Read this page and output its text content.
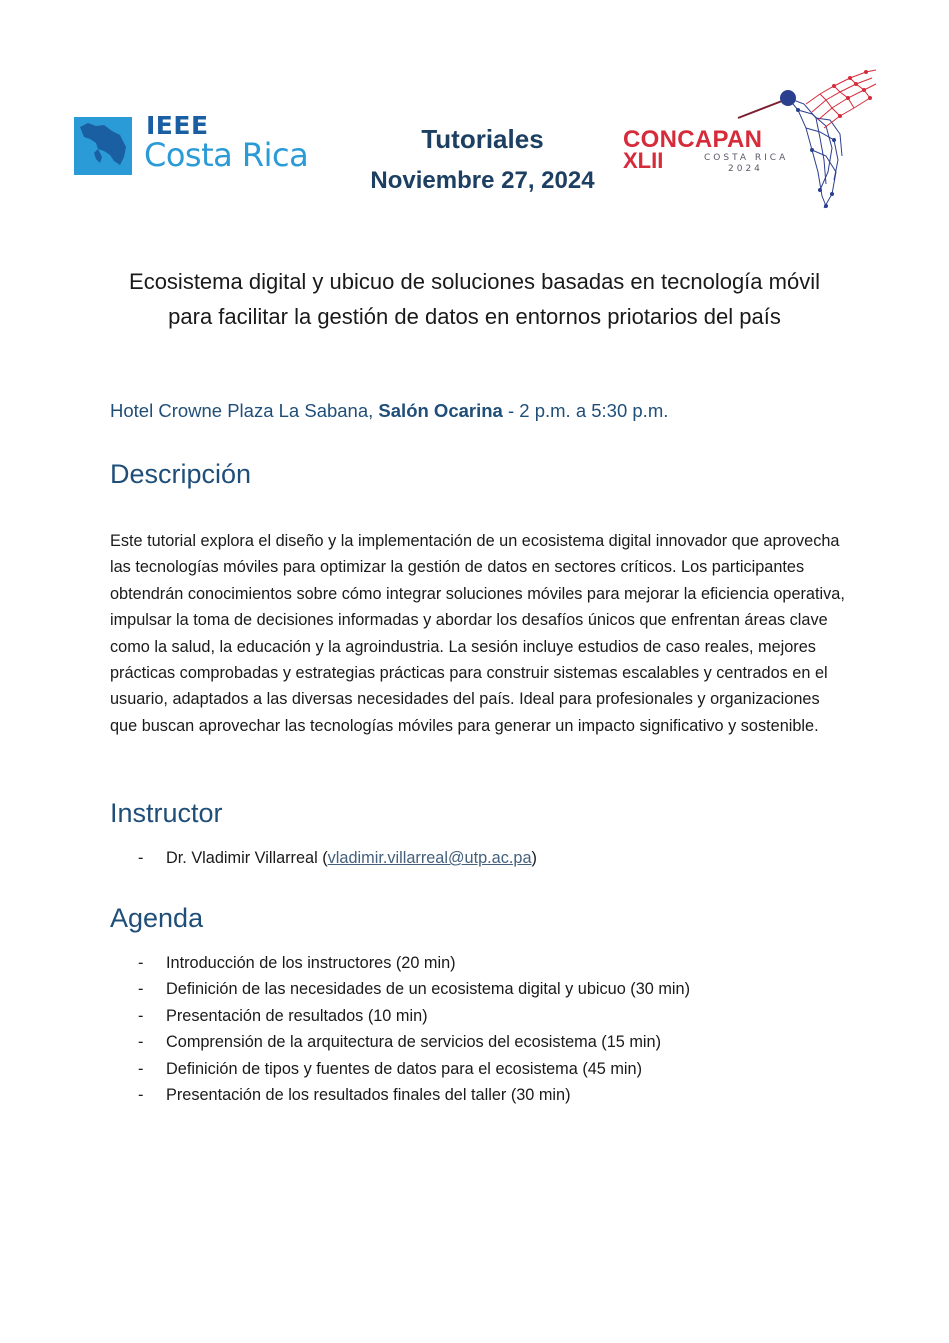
IEEE
Costa Rica	Tutoriales
Noviembre 27, 2024
CONCAPAN
XLII	COSTA RICA
2024
Ecosistema digital y ubicuo de soluciones basadas en tecnología móvil para facilitar la gestión de datos en entornos priotarios del país
Hotel Crowne Plaza La Sabana, Salón Ocarina - 2 p.m. a 5:30 p.m.
Descripción

Este tutorial explora el diseño y la implementación de un ecosistema digital innovador que aprovecha las tecnologías móviles para optimizar la gestión de datos en sectores críticos. Los participantes obtendrán conocimientos sobre cómo integrar soluciones móviles para mejorar la eficiencia operativa, impulsar la toma de decisiones informadas y abordar los desafíos únicos que enfrentan áreas clave como la salud, la educación y la agroindustria. La sesión incluye estudios de caso reales, mejores prácticas comprobadas y estrategias prácticas para construir sistemas escalables y centrados en el usuario, adaptados a las diversas necesidades del país. Ideal para profesionales y organizaciones que buscan aprovechar las tecnologías móviles para generar un impacto significativo y sostenible.

Instructor
- Dr. Vladimir Villarreal (vladimir.villarreal@utp.ac.pa)
Agenda
- Introducción de los instructores (20 min)
- Definición de las necesidades de un ecosistema digital y ubicuo (30 min)
- Presentación de resultados (10 min)
- Comprensión de la arquitectura de servicios del ecosistema (15 min)
- Definición de tipos y fuentes de datos para el ecosistema (45 min)
- Presentación de los resultados finales del taller (30 min)
